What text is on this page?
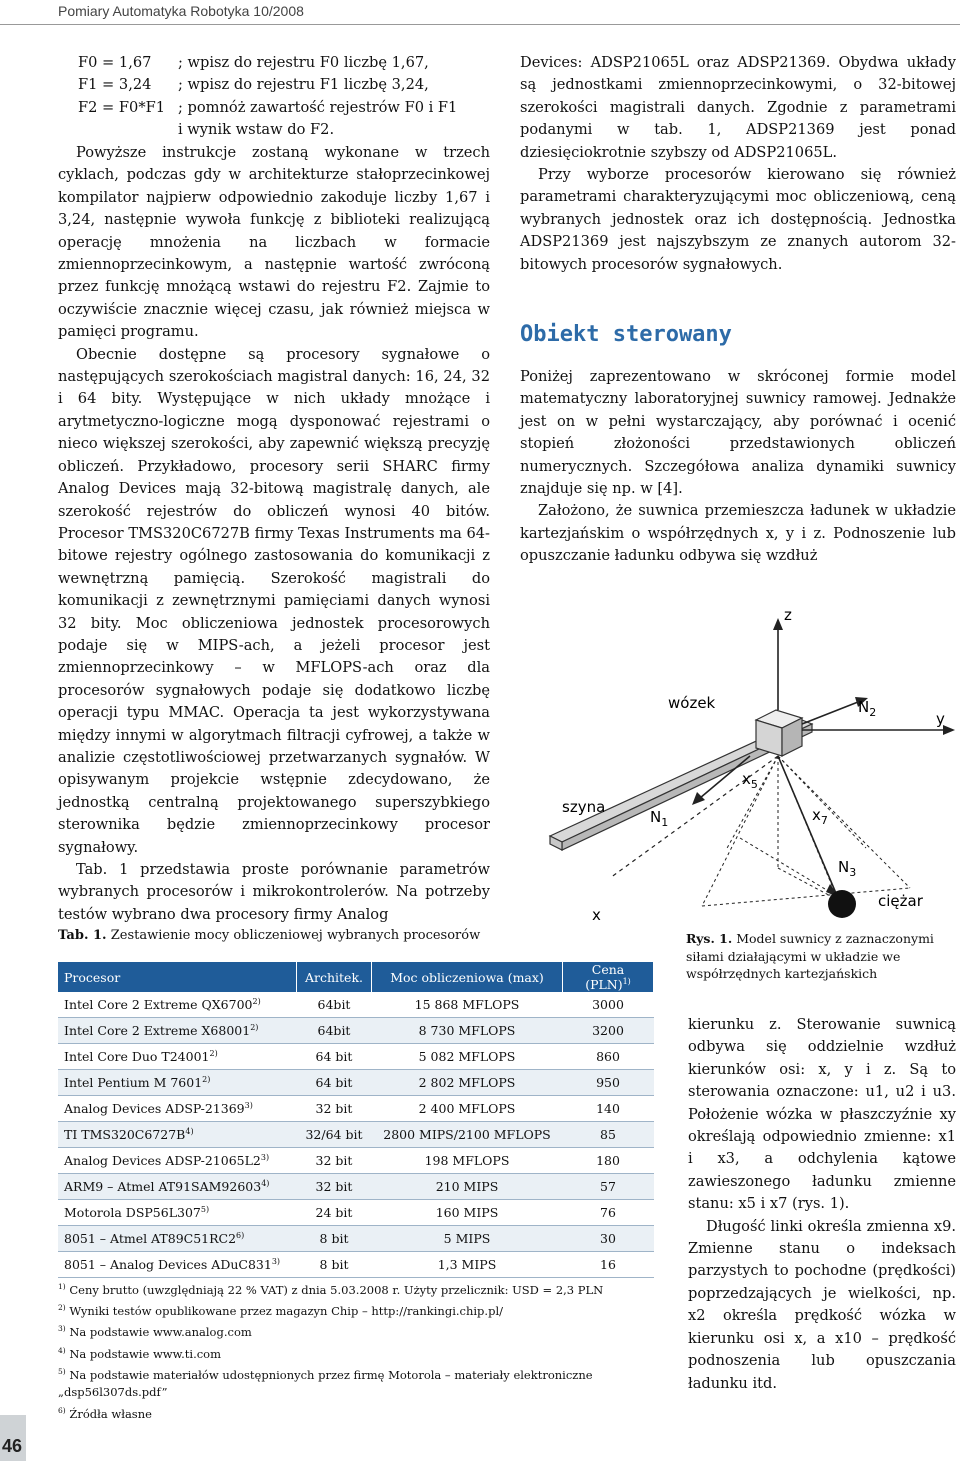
Pomiary Automatyka Robotyka 10/2008
F0 = 1,67 ; wpisz do rejestru F0 liczbę 1,67,
F1 = 3,24 ; wpisz do rejestru F1 liczbę 3,24,
F2 = F0*F1 ; pomnóż zawartość rejestrów F0 i F1
i wynik wstaw do F2.

Powyższe instrukcje zostaną wykonane w trzech cyklach, podczas gdy w architekturze stałoprzecinkowej kompilator najpierw odpowiednio zakoduje liczby 1,67 i 3,24, następnie wywoła funkcję z biblioteki realizującą operację mnożenia na liczbach w formacie zmiennoprzecinkowym, a następnie wartość zwróconą przez funkcję mnożącą wstawi do rejestru F2. Zajmie to oczywiście znacznie więcej czasu, jak również miejsca w pamięci programu.

Obecnie dostępne są procesory sygnałowe o następujących szerokościach magistral danych: 16, 24, 32 i 64 bity. Występujące w nich układy mnożące i arytmetyczno-logiczne mogą dysponować rejestrami o nieco większej szerokości, aby zapewnić większą precyzję obliczeń. Przykładowo, procesory serii SHARC firmy Analog Devices mają 32-bitową magistralę danych, ale szerokość rejestrów do obliczeń wynosi 40 bitów. Procesor TMS320C6727B firmy Texas Instruments ma 64-bitowe rejestry ogólnego zastosowania do komunikacji z wewnętrzną pamięcią. Szerokość magistrali do komunikacji z zewnętrznymi pamięciami danych wynosi 32 bity. Moc obliczeniowa jednostek procesorowych podaje się w MIPS-ach, a jeżeli procesor jest zmiennoprzecinkowy – w MFLOPS-ach oraz dla procesorów sygnałowych podaje się dodatkowo liczbę operacji typu MMAC. Operacja ta jest wykorzystywana między innymi w algorytmach filtracji cyfrowej, a także w analizie częstotliwościowej przetwarzanych sygnałów. W opisywanym projekcie wstępnie zdecydowano, że jednostką centralną projektowanego superszybkiego sterownika będzie zmiennoprzecinkowy procesor sygnałowy.

Tab. 1 przedstawia proste porównanie parametrów wybranych procesorów i mikrokontrolerów. Na potrzeby testów wybrano dwa procesory firmy Analog

Devices: ADSP21065L oraz ADSP21369. Obydwa układy są jednostkami zmiennoprzecinkowymi, o 32-bitowej szerokości magistrali danych. Zgodnie z parametrami podanymi w tab. 1, ADSP21369 jest ponad dziesięciokrotnie szybszy od ADSP21065L.

Przy wyborze procesorów kierowano się również parametrami charakteryzującymi moc obliczeniową, ceną wybranych jednostek oraz ich dostępnością. Jednostka ADSP21369 jest najszybszym ze znanych autorom 32-bitowych procesorów sygnałowych.

Obiekt sterowany

Poniżej zaprezentowano w skróconej formie model matematyczny laboratoryjnej suwnicy ramowej. Jednakże jest on w pełni wystarczający, aby porównać i ocenić stopień złożoności przedstawionych obliczeń numerycznych. Szczegółowa analiza dynamiki suwnicy znajduje się np. w [4].

Założono, że suwnica przemieszcza ładunek w układzie kartezjańskim o współrzędnych x, y i z. Podnoszenie lub opuszczanie ładunku odbywa się wzdłuż

z
y
x
wózek
szyna
ciężar
$N_1$
$N_2$
$N_3$
$x_5$
$x_7$
Rys. 1. Model suwnicy z zaznaczonymi siłami działającymi w układzie we współrzędnych kartezjańskich
Tab. 1. Zestawienie mocy obliczeniowej wybranych procesorów
Procesor	Architek.	Moc obliczeniowa (max)	Cena (PLN)$^{1)}$
Intel Core 2 Extreme QX6700$^{2)}$	64bit	15 868 MFLOPS	3000
Intel Core 2 Extreme X68001$^{2)}$	64bit	8 730 MFLOPS	3200
Intel Core Duo T24001$^{2)}$	64 bit	5 082 MFLOPS	860
Intel Pentium M 7601$^{2)}$	64 bit	2 802 MFLOPS	950
Analog Devices ADSP-21369$^{3)}$	32 bit	2 400 MFLOPS	140
TI $TMS320C6727B^{4)}$	32/64 bit	2800 MIPS/2100 MFLOPS	85
Analog Devices ADSP-21065L2$^{3)}$	32 bit	198 MFLOPS	180
ARM9 – Atmel AT91SAM92603$^{4)}$	32 bit	210 MIPS	57
Motorola DSP56L307$^{5)}$	24 bit	160 MIPS	76
8051 – Atmel AT89C51RC2$^{6)}$	8 bit	5 MIPS	30
8051 – Analog Devices ADuC831$^{3)}$	8 bit	1,3 MIPS	16
$^{1)}$ Ceny brutto (uwzględniają 22 % VAT) z dnia 5.03.2008 r. Użyty przelicznik: USD = 2,3 PLN
$^{2)}$ Wyniki testów opublikowane przez magazyn Chip – http://rankingi.chip.pl/
$^{3)}$ Na podstawie www.analog.com
$^{4)}$ Na podstawie www.ti.com
$^{5)}$ Na podstawie materiałów udostępnionych przez firmę Motorola – materiały elektroniczne „dsp56l307ds.pdf”
$^{6)}$ Źródła własne

kierunku z. Sterowanie suwnicą odbywa się oddzielnie wzdłuż kierunków osi: x, y i z. Są to sterowania oznaczone: u1, u2 i u3. Położenie wózka w płaszczyźnie xy określają odpowiednio zmienne: x1 i x3, a odchylenia kątowe zawieszonego ładunku zmienne stanu: x5 i x7 (rys. 1).

Długość linki określa zmienna x9. Zmienne stanu o indeksach parzystych to pochodne (prędkości) poprzedzających je wielkości, np. x2 określa prędkość wózka w kierunku osi x, a x10 – prędkość podnoszenia lub opuszczania ładunku itd.

46
